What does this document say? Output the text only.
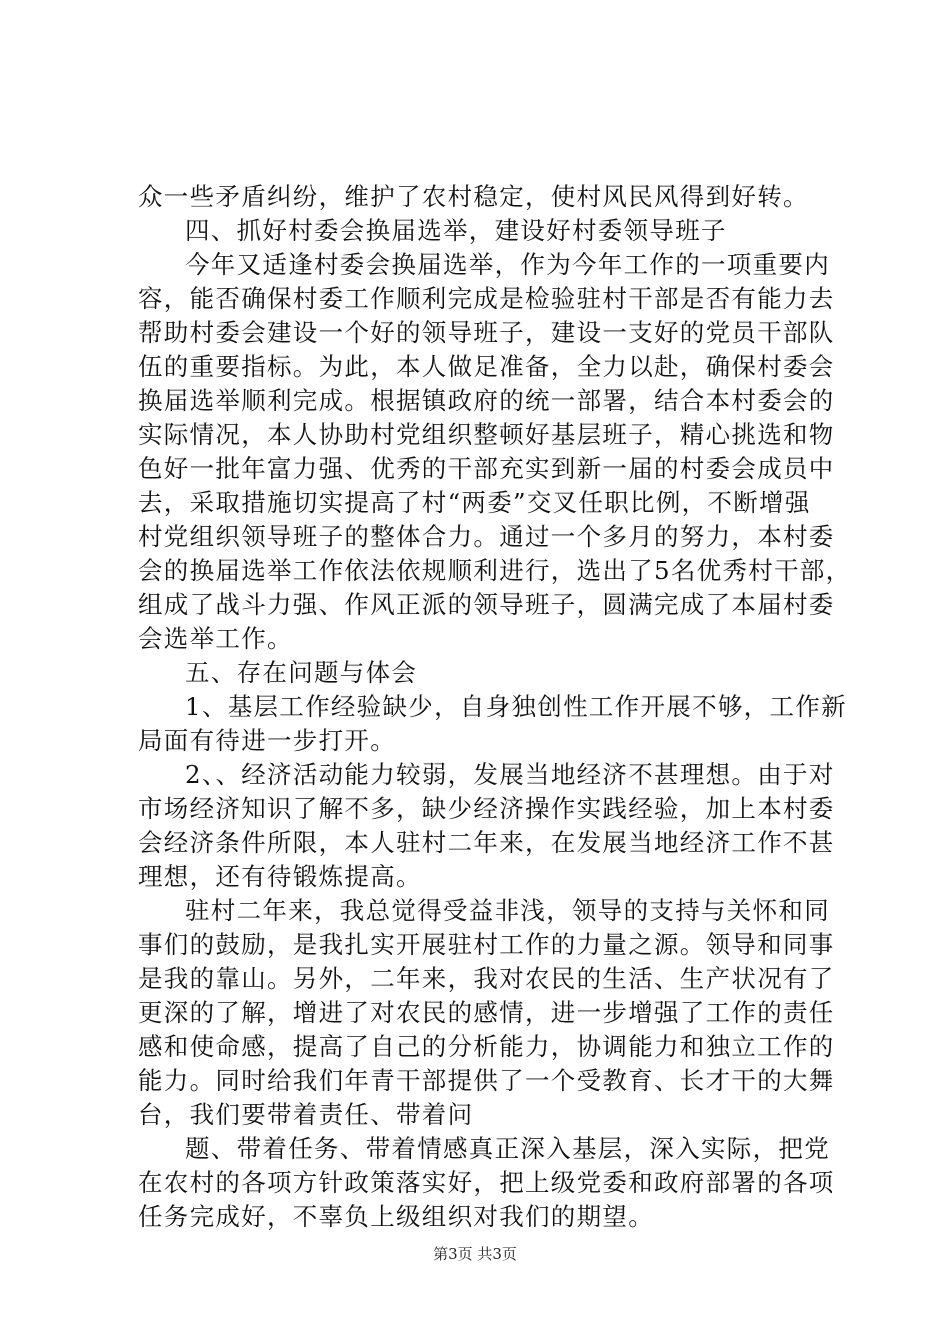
众一些矛盾纠纷，维护了农村稳定，使村风民风得到好转。
四、抓好村委会换届选举，建设好村委领导班子
今年又适逢村委会换届选举，作为今年工作的一项重要内
容，能否确保村委工作顺利完成是检验驻村干部是否有能力去
帮助村委会建设一个好的领导班子，建设一支好的党员干部队
伍的重要指标。为此，本人做足准备，全力以赴，确保村委会
换届选举顺利完成。根据镇政府的统一部署，结合本村委会的
实际情况，本人协助村党组织整顿好基层班子，精心挑选和物
色好一批年富力强、优秀的干部充实到新一届的村委会成员中
去，采取措施切实提高了村“两委”交叉任职比例，不断增强
村党组织领导班子的整体合力。通过一个多月的努力，本村委
会的换届选举工作依法依规顺利进行，选出了5名优秀村干部，
组成了战斗力强、作风正派的领导班子，圆满完成了本届村委
会选举工作。
五、存在问题与体会
1、基层工作经验缺少，自身独创性工作开展不够，工作新
局面有待进一步打开。
2、、经济活动能力较弱，发展当地经济不甚理想。由于对
市场经济知识了解不多，缺少经济操作实践经验，加上本村委
会经济条件所限，本人驻村二年来，在发展当地经济工作不甚
理想，还有待锻炼提高。
驻村二年来，我总觉得受益非浅，领导的支持与关怀和同
事们的鼓励，是我扎实开展驻村工作的力量之源。领导和同事
是我的靠山。另外，二年来，我对农民的生活、生产状况有了
更深的了解，增进了对农民的感情，进一步增强了工作的责任
感和使命感，提高了自己的分析能力，协调能力和独立工作的
能力。同时给我们年青干部提供了一个受教育、长才干的大舞
台，我们要带着责任、带着问
题、带着任务、带着情感真正深入基层，深入实际，把党
在农村的各项方针政策落实好，把上级党委和政府部署的各项
任务完成好，不辜负上级组织对我们的期望。
第3页 共3页
